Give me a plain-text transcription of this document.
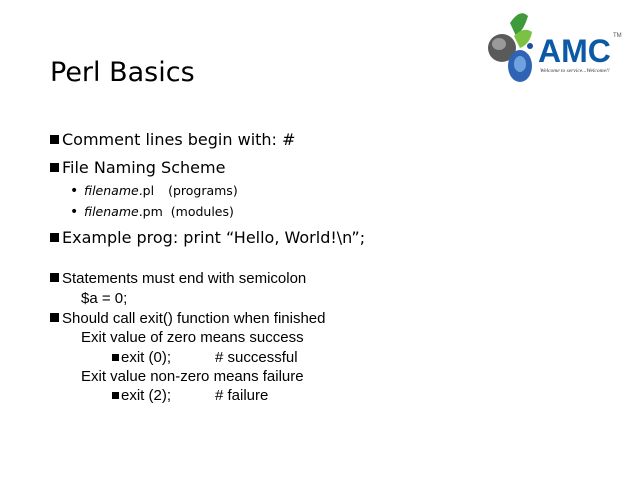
AMC TM
Welcome to service...Welcome!!
Perl Basics
Comment lines begin with: #
File Naming Scheme
• filename.pl (programs)
• filename.pm (modules)
Example prog: print “Hello, World!\n”;
Statements must end with semicolon
$a = 0;
Should call exit() function when finished
Exit value of zero means success
exit (0);	# successful
Exit value non-zero means failure
exit (2);	# failure
